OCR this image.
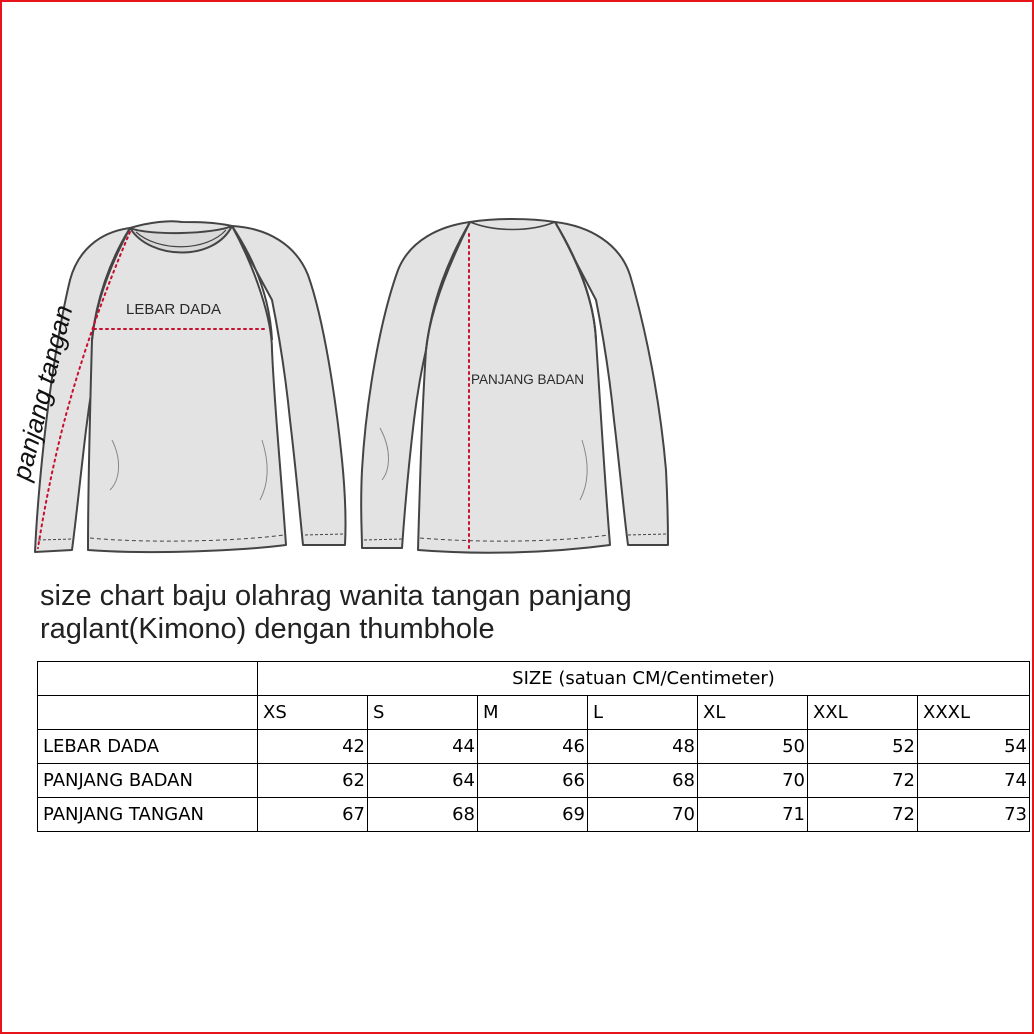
LEBAR DADA
PANJANG BADAN
panjang tangan
size chart baju olahrag wanita tangan panjang
raglant(Kimono) dengan thumbhole
	SIZE (satuan CM/Centimeter)						
	XS	S	M	L	XL	XXL	XXXL
LEBAR DADA	42	44	46	48	50	52	54
PANJANG BADAN	62	64	66	68	70	72	74
PANJANG TANGAN	67	68	69	70	71	72	73
